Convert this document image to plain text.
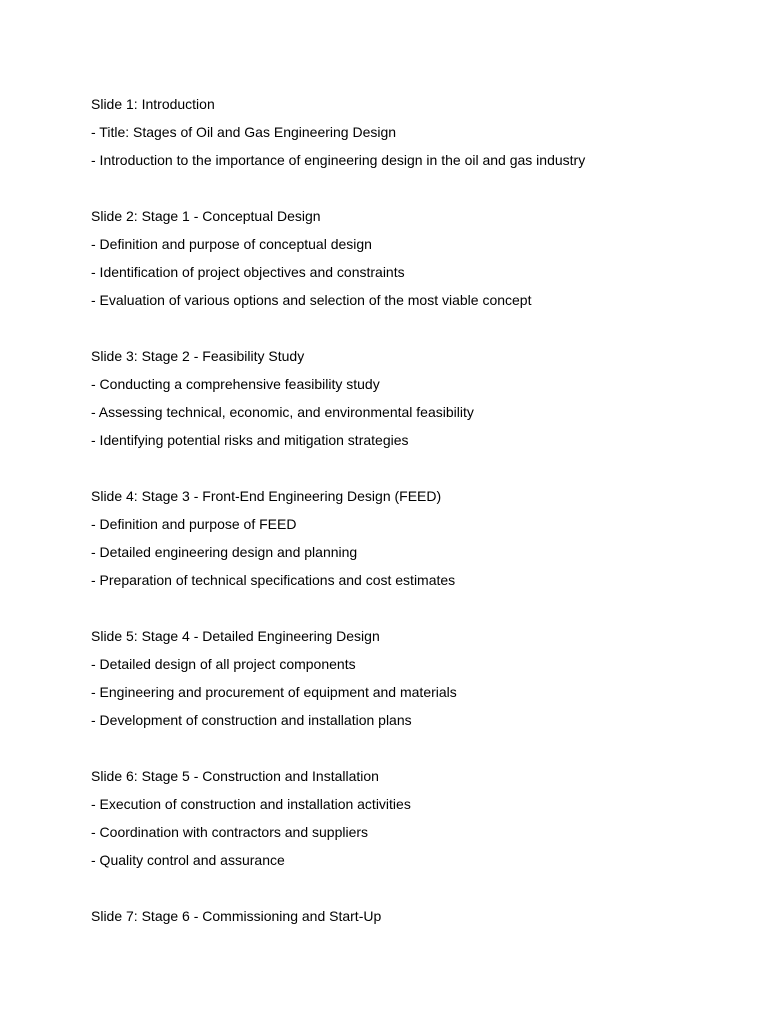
Slide 1: Introduction
- Title: Stages of Oil and Gas Engineering Design
- Introduction to the importance of engineering design in the oil and gas industry
Slide 2: Stage 1 - Conceptual Design
- Definition and purpose of conceptual design
- Identification of project objectives and constraints
- Evaluation of various options and selection of the most viable concept
Slide 3: Stage 2 - Feasibility Study
- Conducting a comprehensive feasibility study
- Assessing technical, economic, and environmental feasibility
- Identifying potential risks and mitigation strategies
Slide 4: Stage 3 - Front-End Engineering Design (FEED)
- Definition and purpose of FEED
- Detailed engineering design and planning
- Preparation of technical specifications and cost estimates
Slide 5: Stage 4 - Detailed Engineering Design
- Detailed design of all project components
- Engineering and procurement of equipment and materials
- Development of construction and installation plans
Slide 6: Stage 5 - Construction and Installation
- Execution of construction and installation activities
- Coordination with contractors and suppliers
- Quality control and assurance
Slide 7: Stage 6 - Commissioning and Start-Up
